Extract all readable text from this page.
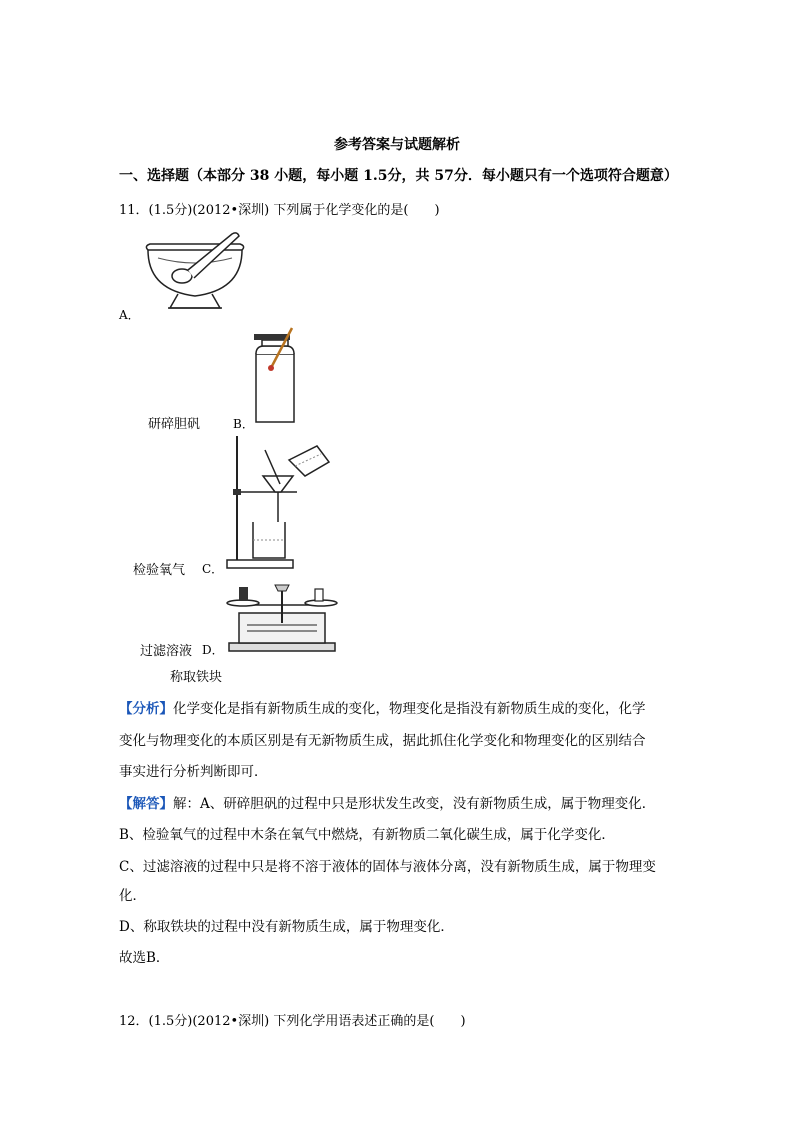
参考答案与试题解析
一、选择题（本部分 38 小题，每小题 1.5分，共 57分．每小题只有一个选项符合题意）
11．(1.5分)(2012•深圳) 下列属于化学变化的是(　　)
A．
研碎胆矾	B．
检验氧气 C．
过滤溶液 D．
称取铁块
【分析】化学变化是指有新物质生成的变化，物理变化是指没有新物质生成的变化，化学
变化与物理变化的本质区别是有无新物质生成，据此抓住化学变化和物理变化的区别结合
事实进行分析判断即可．
【解答】解：A、研碎胆矾的过程中只是形状发生改变，没有新物质生成，属于物理变化．
B、检验氧气的过程中木条在氧气中燃烧，有新物质二氧化碳生成，属于化学变化．
C、过滤溶液的过程中只是将不溶于液体的固体与液体分离，没有新物质生成，属于物理变
化．
D、称取铁块的过程中没有新物质生成，属于物理变化．
故选B．
12．(1.5分)(2012•深圳) 下列化学用语表述正确的是(　　)
